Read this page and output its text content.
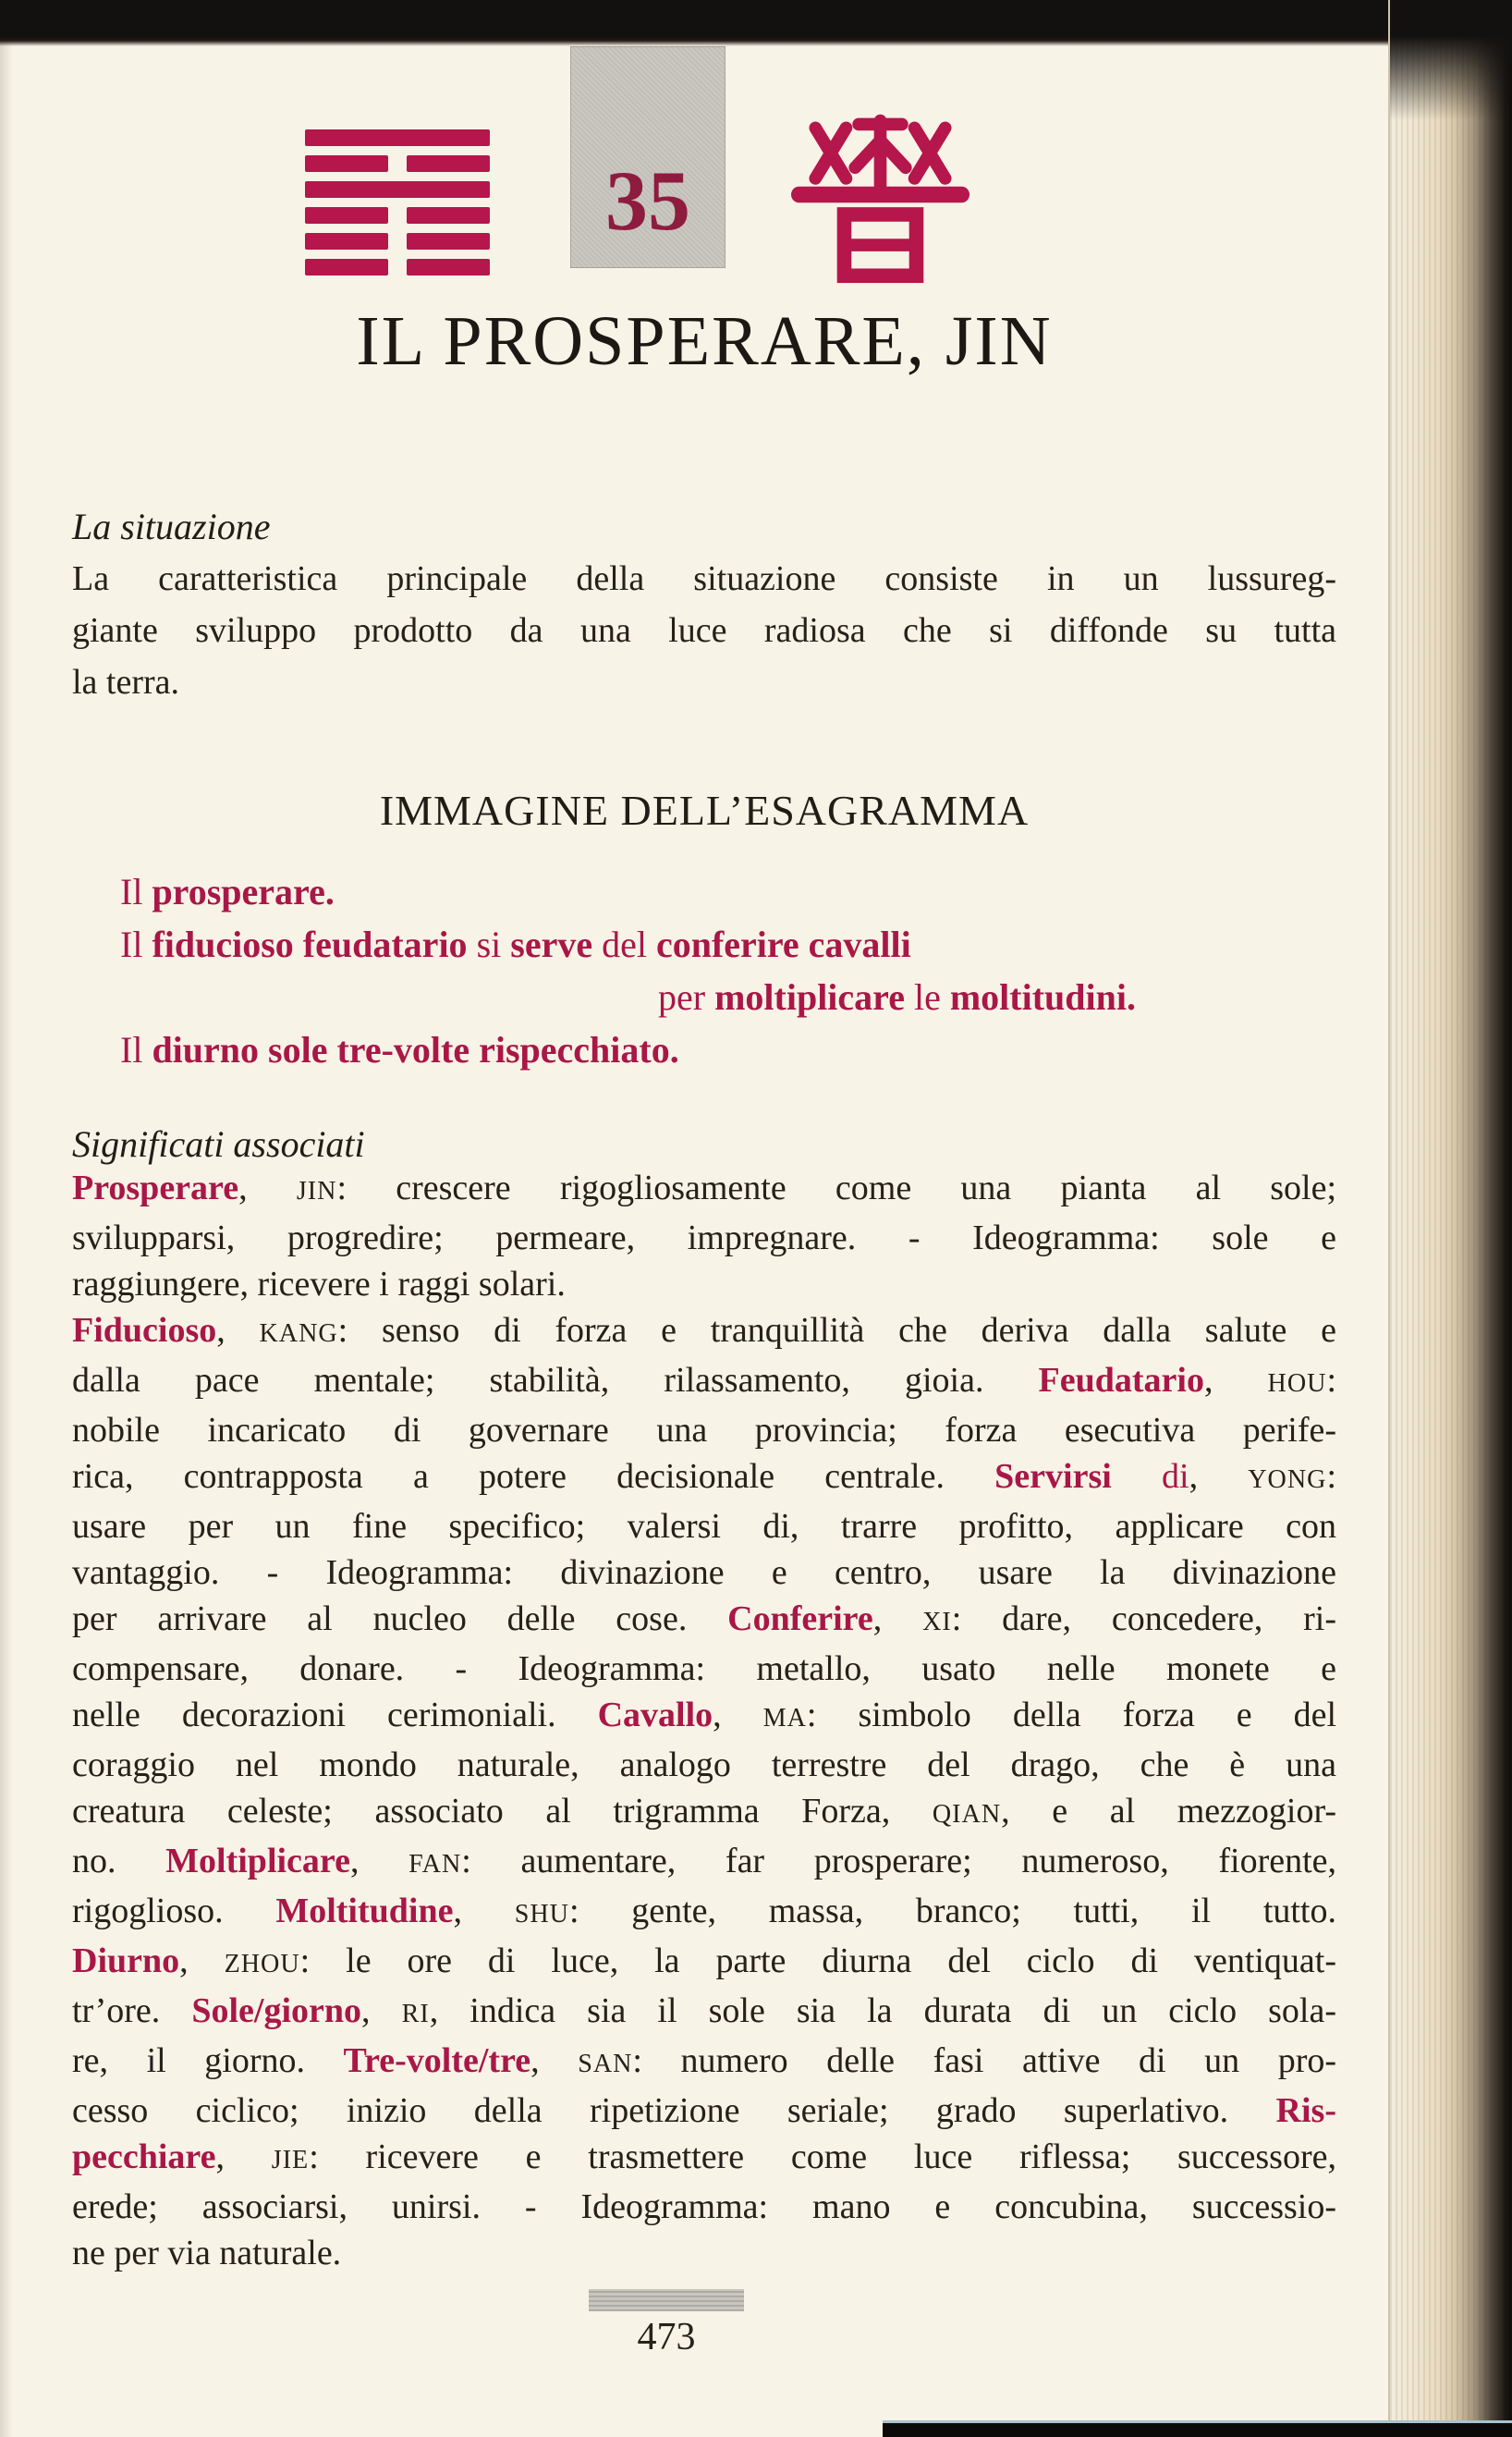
35
IL PROSPERARE, JIN
La situazione
La caratteristica principale della situazione consiste in un lussureg-
giante sviluppo prodotto da una luce radiosa che si diffonde su tutta
la terra.
IMMAGINE DELL’ESAGRAMMA
Il prosperare.
Il fiducioso feudatario si serve del conferire cavalli
per moltiplicare le moltitudini.
Il diurno sole tre-volte rispecchiato.
Significati associati
Prosperare, JIN: crescere rigogliosamente come una pianta al sole;
svilupparsi, progredire; permeare, impregnare. - Ideogramma: sole e
raggiungere, ricevere i raggi solari.
Fiducioso, KANG: senso di forza e tranquillità che deriva dalla salute e
dalla pace mentale; stabilità, rilassamento, gioia. Feudatario, HOU:
nobile incaricato di governare una provincia; forza esecutiva perife-
rica, contrapposta a potere decisionale centrale. Servirsi di, YONG:
usare per un fine specifico; valersi di, trarre profitto, applicare con
vantaggio. - Ideogramma: divinazione e centro, usare la divinazione
per arrivare al nucleo delle cose. Conferire, XI: dare, concedere, ri-
compensare, donare. - Ideogramma: metallo, usato nelle monete e
nelle decorazioni cerimoniali. Cavallo, MA: simbolo della forza e del
coraggio nel mondo naturale, analogo terrestre del drago, che è una
creatura celeste; associato al trigramma Forza, QIAN, e al mezzogior-
no. Moltiplicare, FAN: aumentare, far prosperare; numeroso, fiorente,
rigoglioso. Moltitudine, SHU: gente, massa, branco; tutti, il tutto.
Diurno, ZHOU: le ore di luce, la parte diurna del ciclo di ventiquat-
tr’ore. Sole/giorno, RI, indica sia il sole sia la durata di un ciclo sola-
re, il giorno. Tre-volte/tre, SAN: numero delle fasi attive di un pro-
cesso ciclico; inizio della ripetizione seriale; grado superlativo. Ris-
pecchiare, JIE: ricevere e trasmettere come luce riflessa; successore,
erede; associarsi, unirsi. - Ideogramma: mano e concubina, successio-
ne per via naturale.
473
